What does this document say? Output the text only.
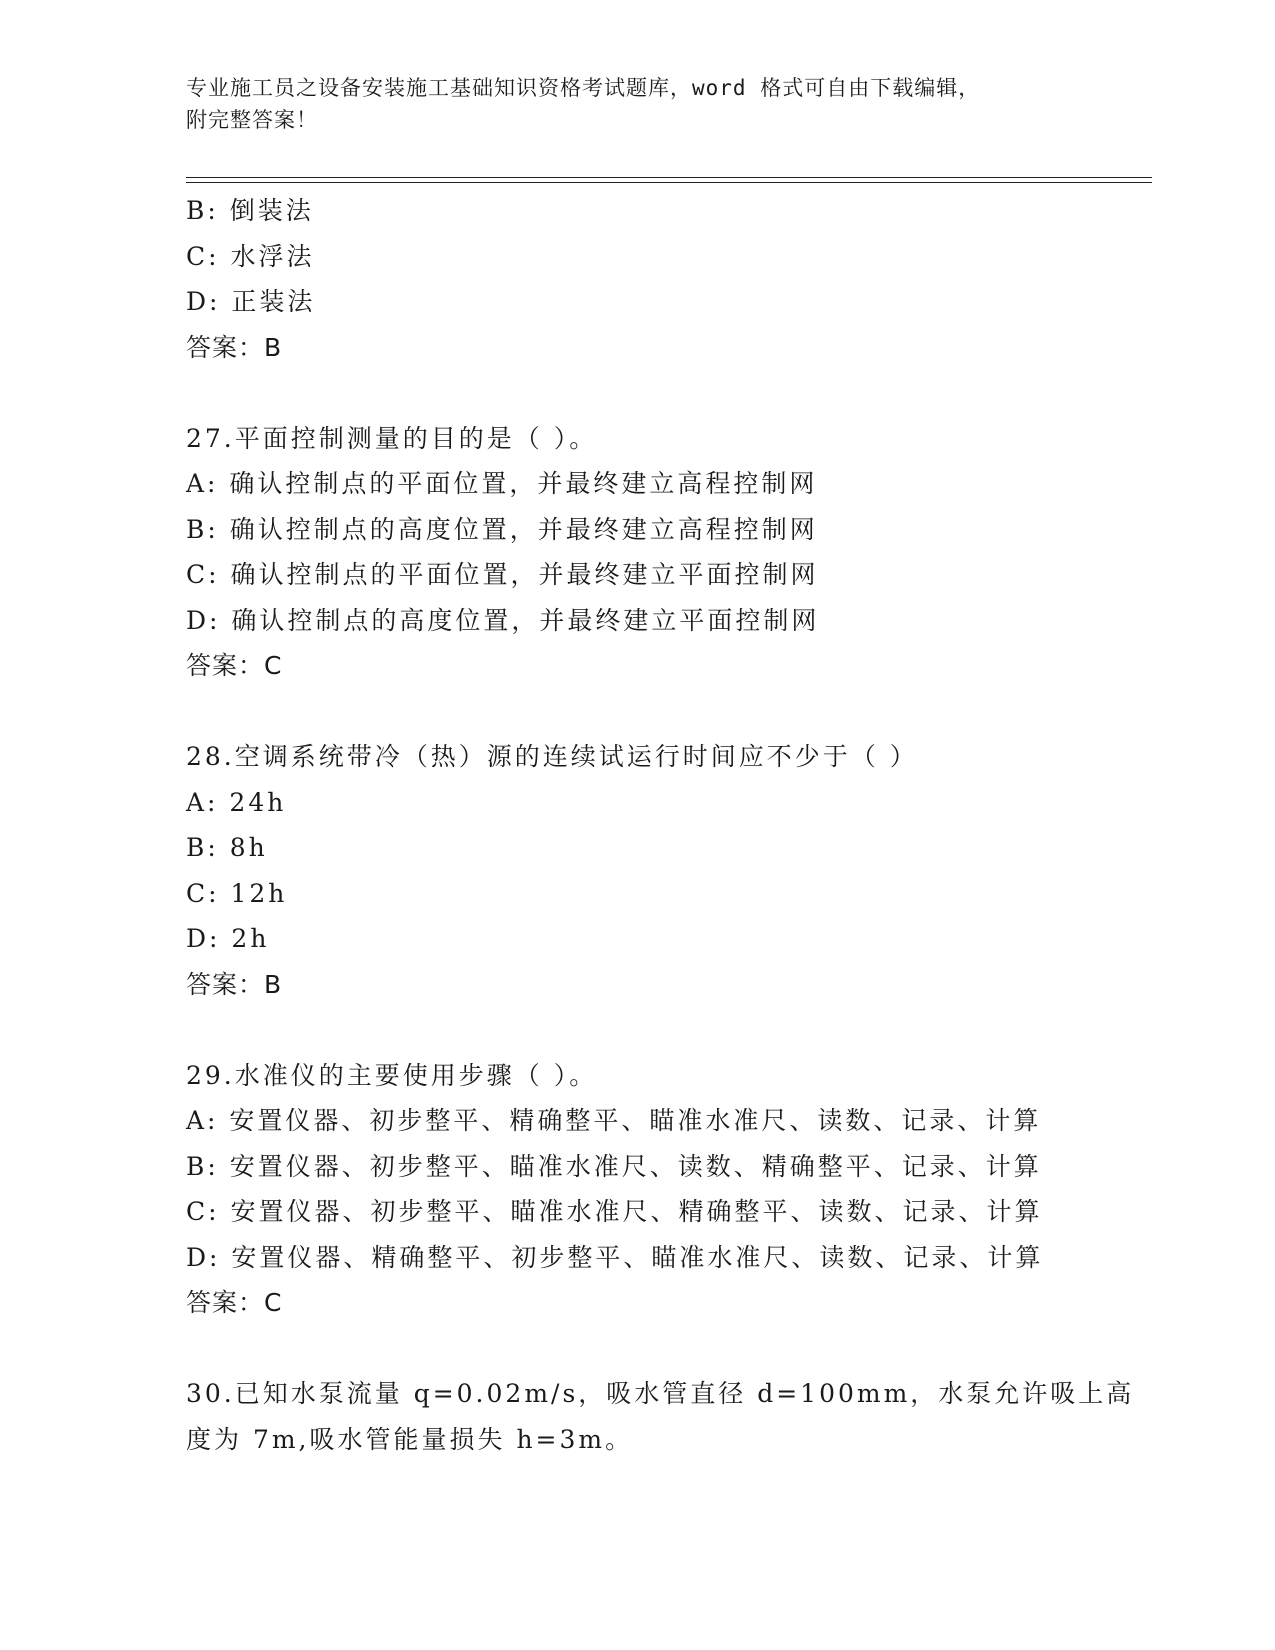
专业施工员之设备安装施工基础知识资格考试题库，word 格式可自由下载编辑，
附完整答案！
B: 倒装法
C: 水浮法
D: 正装法
答案：B
27.平面控制测量的目的是（ ）。
A: 确认控制点的平面位置，并最终建立高程控制网
B: 确认控制点的高度位置，并最终建立高程控制网
C: 确认控制点的平面位置，并最终建立平面控制网
D: 确认控制点的高度位置，并最终建立平面控制网
答案：C
28.空调系统带冷（热）源的连续试运行时间应不少于（ ）
A: 24h
B: 8h
C: 12h
D: 2h
答案：B
29.水准仪的主要使用步骤（ ）。
A: 安置仪器、初步整平、精确整平、瞄准水准尺、读数、记录、计算
B: 安置仪器、初步整平、瞄准水准尺、读数、精确整平、记录、计算
C: 安置仪器、初步整平、瞄准水准尺、精确整平、读数、记录、计算
D: 安置仪器、精确整平、初步整平、瞄准水准尺、读数、记录、计算
答案：C
30.已知水泵流量 q=0.02m/s，吸水管直径 d=100mm，水泵允许吸上高
度为 7m,吸水管能量损失 h=3m。
